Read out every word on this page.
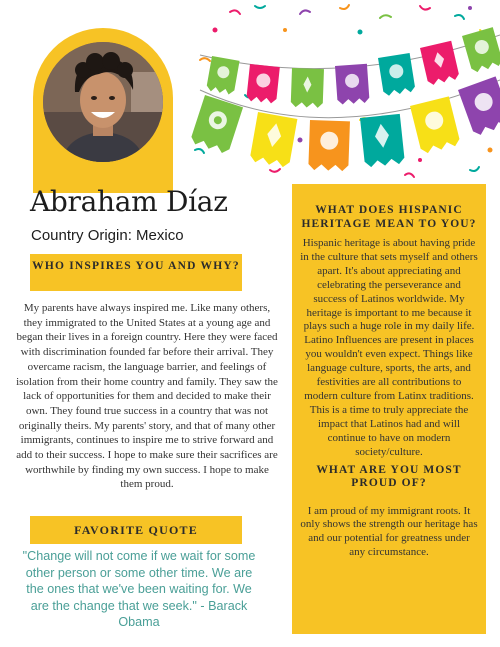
Abraham Díaz
Country Origin: Mexico
WHO INSPIRES YOU AND WHY?
My parents have always inspired me. Like many others, they immigrated to the United States at a young age and began their lives in a foreign country. Here they were faced with discrimination founded far before their arrival. They overcame racism, the language barrier, and feelings of isolation from their home country and family. They saw the lack of opportunities for them and decided to make their own. They found true success in a country that was not originally theirs. My parents' story, and that of many other immigrants, continues to inspire me to strive forward and add to their success. I hope to make sure their sacrifices are worthwhile by finding my own success. I hope to make them proud.
FAVORITE QUOTE
"Change will not come if we wait for some other person or some other time. We are the ones that we've been waiting for. We are the change that we seek." - Barack Obama
WHAT DOES HISPANIC HERITAGE MEAN TO YOU?

Hispanic heritage is about having pride in the culture that sets myself and others apart. It's about appreciating and celebrating the perseverance and success of Latinos worldwide. My heritage is important to me because it plays such a huge role in my daily life. Latino Influences are present in places you wouldn't even expect. Things like language culture, sports, the arts, and festivities are all contributions to modern culture from Latinx traditions. This is a time to truly appreciate the impact that Latinos had and will continue to have on modern society/culture.

WHAT ARE YOU MOST PROUD OF?

I am proud of my immigrant roots. It only shows the strength our heritage has and our potential for greatness under any circumstance.
